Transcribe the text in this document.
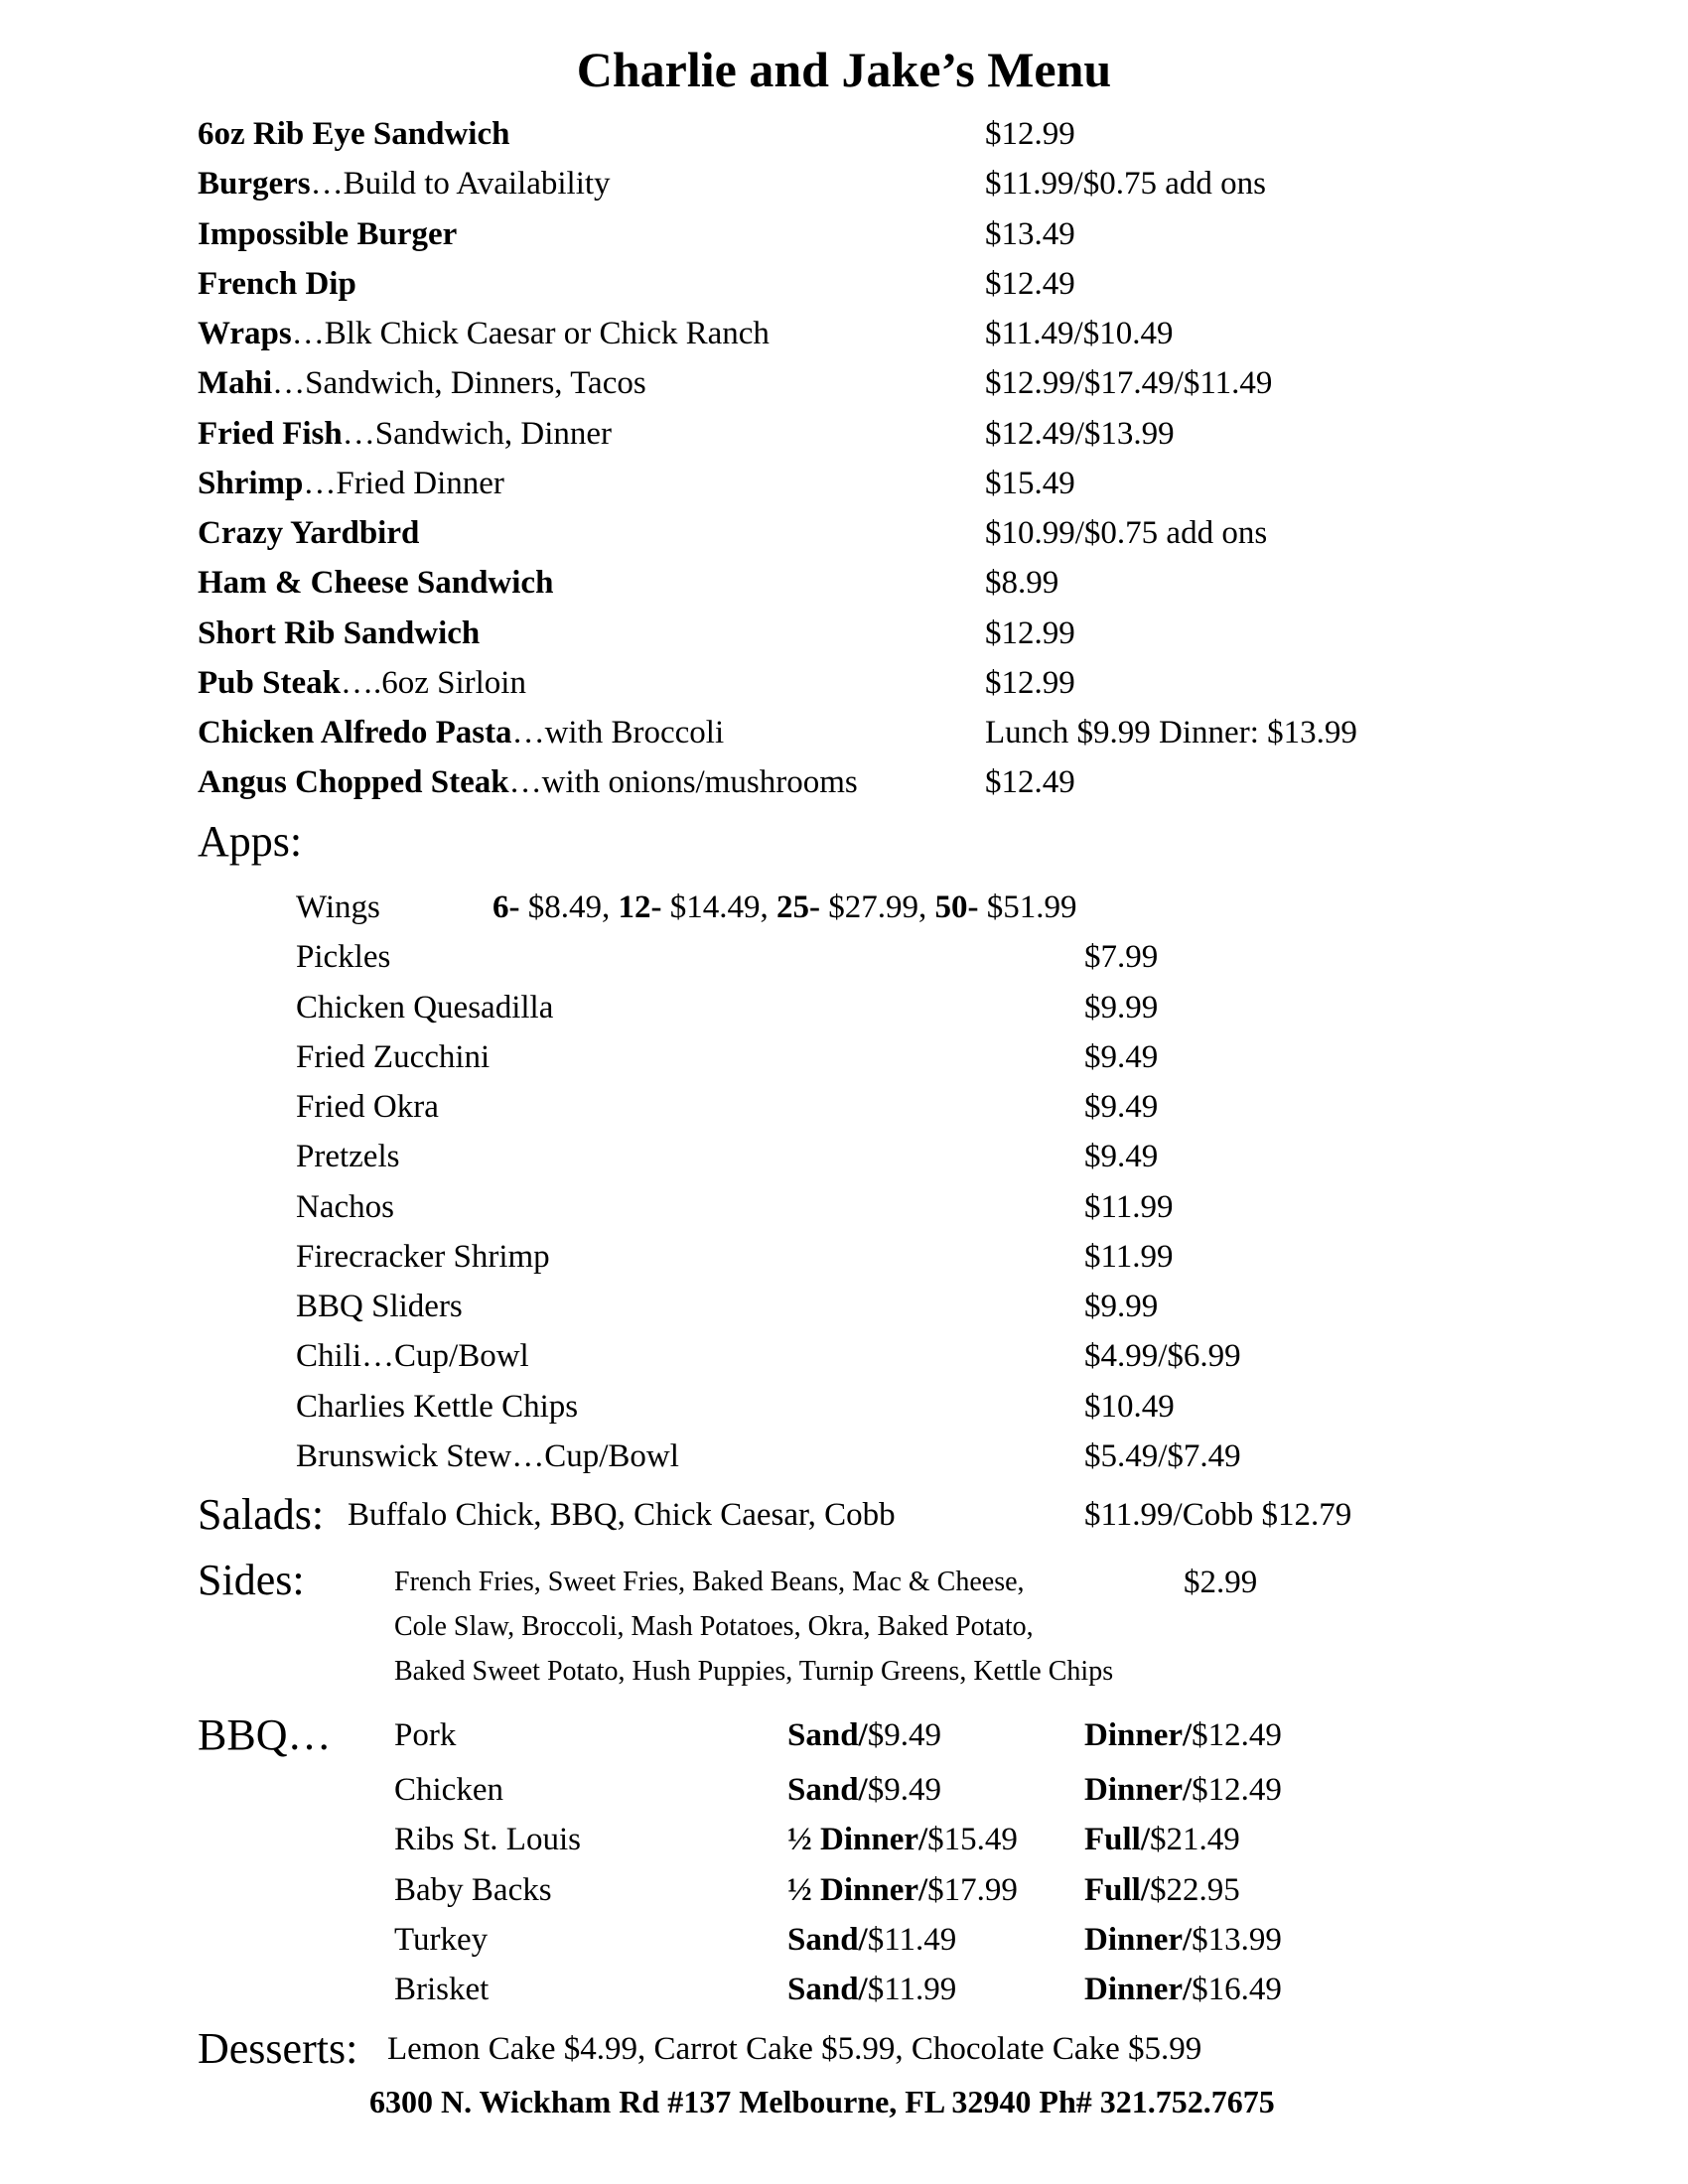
Charlie and Jake’s Menu
6oz Rib Eye Sandwich	$12.99
Burgers…Build to Availability	$11.99/$0.75 add ons
Impossible Burger	$13.49
French Dip	$12.49
Wraps…Blk Chick Caesar or Chick Ranch	$11.49/$10.49
Mahi…Sandwich, Dinners, Tacos	$12.99/$17.49/$11.49
Fried Fish…Sandwich, Dinner	$12.49/$13.99
Shrimp…Fried Dinner	$15.49
Crazy Yardbird	$10.99/$0.75 add ons
Ham & Cheese Sandwich	$8.99
Short Rib Sandwich	$12.99
Pub Steak….6oz Sirloin	$12.99
Chicken Alfredo Pasta…with Broccoli	Lunch $9.99 Dinner: $13.99
Angus Chopped Steak…with onions/mushrooms	$12.49
Apps:
Wings	6- $8.49, 12- $14.49, 25- $27.99, 50- $51.99
Pickles	$7.99
Chicken Quesadilla	$9.99
Fried Zucchini	$9.49
Fried Okra	$9.49
Pretzels	$9.49
Nachos	$11.99
Firecracker Shrimp	$11.99
BBQ Sliders	$9.99
Chili…Cup/Bowl	$4.99/$6.99
Charlies Kettle Chips	$10.49
Brunswick Stew…Cup/Bowl	$5.49/$7.49
Salads: Buffalo Chick, BBQ, Chick Caesar, Cobb	$11.99/Cobb $12.79
Sides:	French Fries, Sweet Fries, Baked Beans, Mac & Cheese,	$2.99
Cole Slaw, Broccoli, Mash Potatoes, Okra, Baked Potato,
Baked Sweet Potato, Hush Puppies, Turnip Greens, Kettle Chips
BBQ… Pork	Sand/$9.49	Dinner/$12.49
Chicken	Sand/$9.49	Dinner/$12.49
Ribs St. Louis	½ Dinner/$15.49 Full/$21.49
Baby Backs	½ Dinner/$17.99 Full/$22.95
Turkey	Sand/$11.49	Dinner/$13.99
Brisket	Sand/$11.99	Dinner/$16.49
Desserts: Lemon Cake $4.99, Carrot Cake $5.99, Chocolate Cake $5.99
6300 N. Wickham Rd #137 Melbourne, FL 32940 Ph# 321.752.7675
